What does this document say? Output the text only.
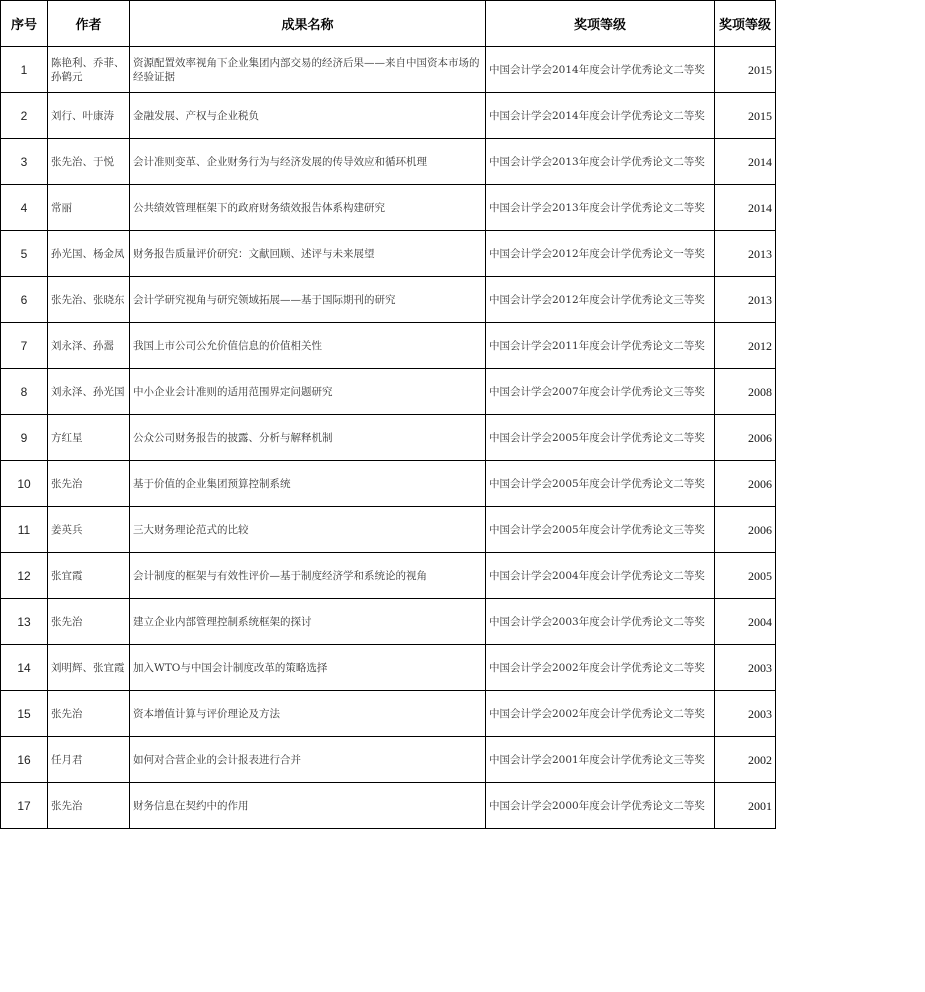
序号	作者	成果名称	奖项等级	奖项等级
1	陈艳利、乔菲、孙鹤元	资源配置效率视角下企业集团内部交易的经济后果——来自中国资本市场的经验证据	中国会计学会2014年度会计学优秀论文二等奖	2015
2	刘行、叶康涛	金融发展、产权与企业税负	中国会计学会2014年度会计学优秀论文二等奖	2015
3	张先治、于悦	会计准则变革、企业财务行为与经济发展的传导效应和循环机理	中国会计学会2013年度会计学优秀论文二等奖	2014
4	常丽	公共绩效管理框架下的政府财务绩效报告体系构建研究	中国会计学会2013年度会计学优秀论文二等奖	2014
5	孙光国、杨金凤	财务报告质量评价研究：文献回顾、述评与未来展望	中国会计学会2012年度会计学优秀论文一等奖	2013
6	张先治、张晓东	会计学研究视角与研究领域拓展——基于国际期刊的研究	中国会计学会2012年度会计学优秀论文三等奖	2013
7	刘永泽、孙翯	我国上市公司公允价值信息的价值相关性	中国会计学会2011年度会计学优秀论文二等奖	2012
8	刘永泽、孙光国	中小企业会计准则的适用范围界定问题研究	中国会计学会2007年度会计学优秀论文三等奖	2008
9	方红星	公众公司财务报告的披露、分析与解释机制	中国会计学会2005年度会计学优秀论文二等奖	2006
10	张先治	基于价值的企业集团预算控制系统	中国会计学会2005年度会计学优秀论文二等奖	2006
11	姜英兵	三大财务理论范式的比较	中国会计学会2005年度会计学优秀论文三等奖	2006
12	张宜霞	会计制度的框架与有效性评价—基于制度经济学和系统论的视角	中国会计学会2004年度会计学优秀论文二等奖	2005
13	张先治	建立企业内部管理控制系统框架的探讨	中国会计学会2003年度会计学优秀论文二等奖	2004
14	刘明辉、张宜霞	加入WTO与中国会计制度改革的策略选择	中国会计学会2002年度会计学优秀论文二等奖	2003
15	张先治	资本增值计算与评价理论及方法	中国会计学会2002年度会计学优秀论文二等奖	2003
16	任月君	如何对合营企业的会计报表进行合并	中国会计学会2001年度会计学优秀论文三等奖	2002
17	张先治	财务信息在契约中的作用	中国会计学会2000年度会计学优秀论文二等奖	2001
